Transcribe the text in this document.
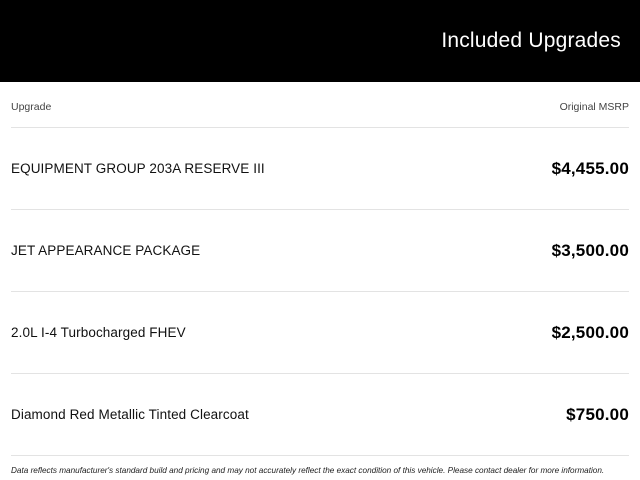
Included Upgrades
Upgrade	Original MSRP
EQUIPMENT GROUP 203A RESERVE III	$4,455.00
JET APPEARANCE PACKAGE	$3,500.00
2.0L I-4 Turbocharged FHEV	$2,500.00
Diamond Red Metallic Tinted Clearcoat	$750.00
Data reflects manufacturer's standard build and pricing and may not accurately reflect the exact condition of this vehicle. Please contact dealer for more information.
